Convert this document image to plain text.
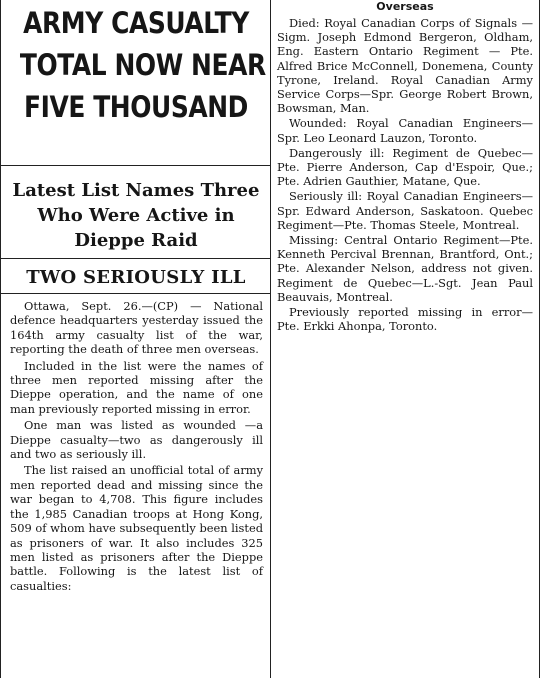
ARMY CASUALTY
TOTAL NOW NEAR
FIVE THOUSAND
Latest List Names Three
Who Were Active in
Dieppe Raid
TWO SERIOUSLY ILL

Ottawa, Sept. 26.—(CP) — National defence headquarters yesterday issued the 164th army casualty list of the war, reporting the death of three men overseas.

Included in the list were the names of three men reported missing after the Dieppe operation, and the name of one man previously reported missing in error.

One man was listed as wounded —a Dieppe casualty—two as dangerously ill and two as seriously ill.

The list raised an unofficial total of army men reported dead and missing since the war began to 4,708. This figure includes the 1,985 Canadian troops at Hong Kong, 509 of whom have subsequently been listed as prisoners of war. It also includes 325 men listed as prisoners after the Dieppe battle. Following is the latest list of casualties:

Overseas

Died: Royal Canadian Corps of Signals — Sigm. Joseph Edmond Bergeron, Oldham, Eng. Eastern Ontario Regiment — Pte. Alfred Brice McConnell, Donemena, County Tyrone, Ireland. Royal Canadian Army Service Corps—Spr. George Robert Brown, Bowsman, Man.

Wounded: Royal Canadian Engineers—Spr. Leo Leonard Lauzon, Toronto.

Dangerously ill: Regiment de Quebec—Pte. Pierre Anderson, Cap d'Espoir, Que.; Pte. Adrien Gauthier, Matane, Que.

Seriously ill: Royal Canadian Engineers—Spr. Edward Anderson, Saskatoon. Quebec Regiment—Pte. Thomas Steele, Montreal.

Missing: Central Ontario Regiment—Pte. Kenneth Percival Brennan, Brantford, Ont.; Pte. Alexander Nelson, address not given. Regiment de Quebec—L.-Sgt. Jean Paul Beauvais, Montreal.

Previously reported missing in error—Pte. Erkki Ahonpa, Toronto.
